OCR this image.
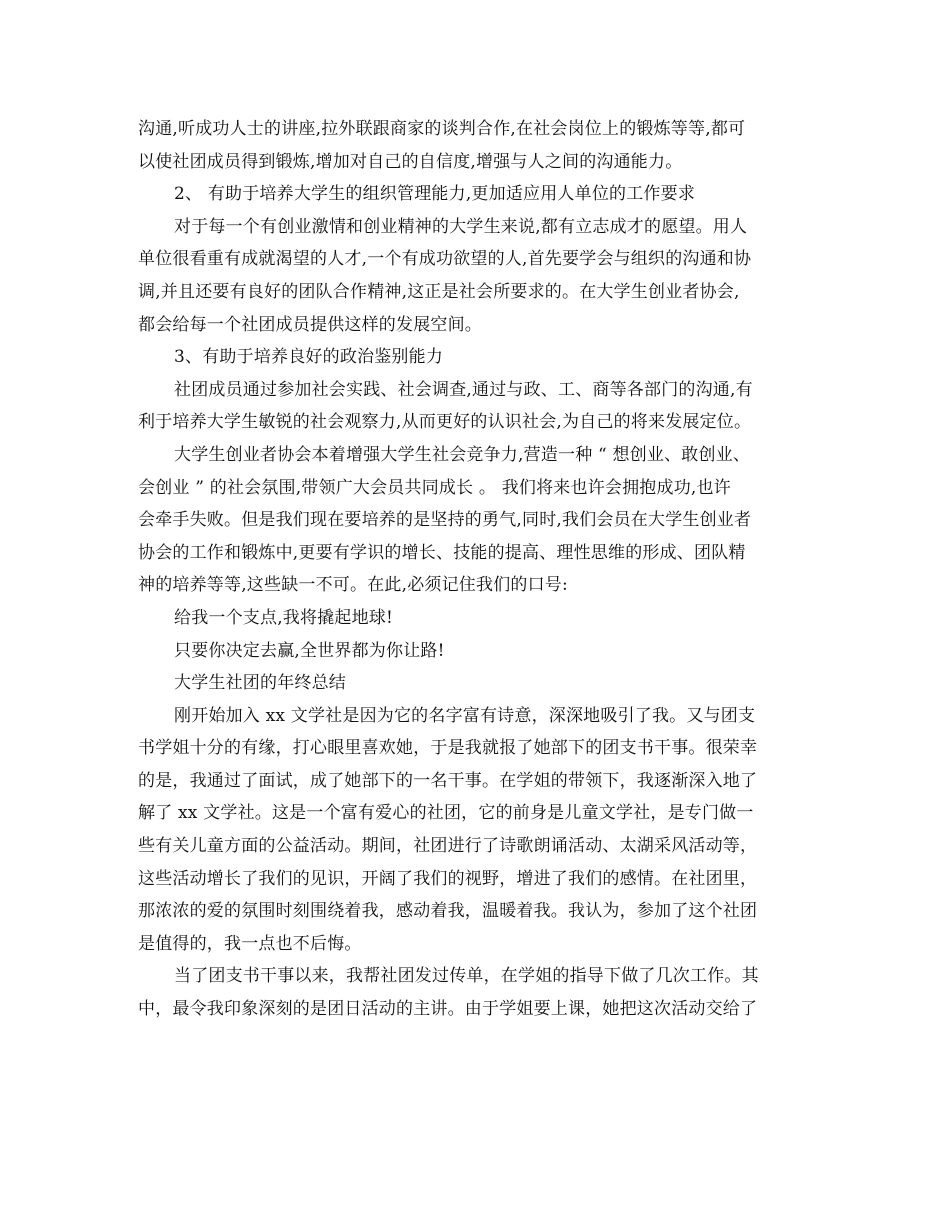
沟通,听成功人士的讲座,拉外联跟商家的谈判合作,在社会岗位上的锻炼等等,都可
以使社团成员得到锻炼,增加对自己的自信度,增强与人之间的沟通能力。
2、 有助于培养大学生的组织管理能力,更加适应用人单位的工作要求
对于每一个有创业激情和创业精神的大学生来说,都有立志成才的愿望。用人
单位很看重有成就渴望的人才,一个有成功欲望的人,首先要学会与组织的沟通和协
调,并且还要有良好的团队合作精神,这正是社会所要求的。在大学生创业者协会,
都会给每一个社团成员提供这样的发展空间。
3、有助于培养良好的政治鉴别能力
社团成员通过参加社会实践、社会调查,通过与政、工、商等各部门的沟通,有
利于培养大学生敏锐的社会观察力,从而更好的认识社会,为自己的将来发展定位。
大学生创业者协会本着增强大学生社会竞争力,营造一种 “ 想创业、敢创业、
会创业 ” 的社会氛围,带领广大会员共同成长 。 我们将来也许会拥抱成功,也许
会牵手失败。但是我们现在要培养的是坚持的勇气,同时,我们会员在大学生创业者
协会的工作和锻炼中,更要有学识的增长、技能的提高、理性思维的形成、团队精
神的培养等等,这些缺一不可。在此,必须记住我们的口号:
给我一个支点,我将撬起地球!
只要你决定去赢,全世界都为你让路!
大学生社团的年终总结
刚开始加入 xx 文学社是因为它的名字富有诗意，深深地吸引了我。又与团支
书学姐十分的有缘，打心眼里喜欢她，于是我就报了她部下的团支书干事。很荣幸
的是，我通过了面试，成了她部下的一名干事。在学姐的带领下，我逐渐深入地了
解了 xx 文学社。这是一个富有爱心的社团，它的前身是儿童文学社，是专门做一
些有关儿童方面的公益活动。期间，社团进行了诗歌朗诵活动、太湖采风活动等，
这些活动增长了我们的见识，开阔了我们的视野，增进了我们的感情。在社团里，
那浓浓的爱的氛围时刻围绕着我，感动着我，温暖着我。我认为，参加了这个社团
是值得的，我一点也不后悔。
当了团支书干事以来，我帮社团发过传单，在学姐的指导下做了几次工作。其
中，最令我印象深刻的是团日活动的主讲。由于学姐要上课，她把这次活动交给了
